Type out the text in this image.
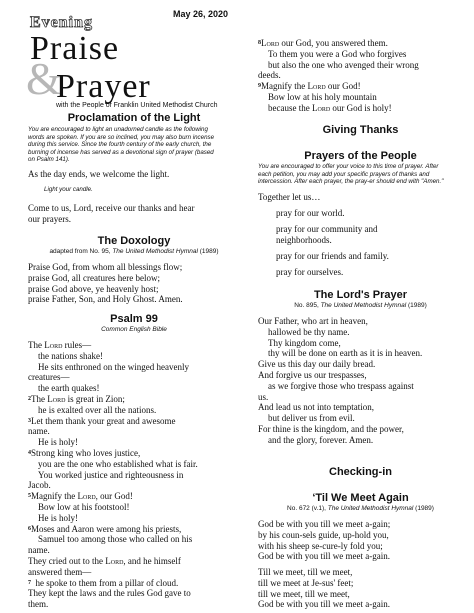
May 26, 2020
Evening
Praise
&
Prayer
with the People of Franklin United Methodist Church
Proclamation of the Light
You are encouraged to light an unadorned candle as the following
words are spoken. If you are so inclined, you may also burn incense
during this service. Since the fourth century of the early church, the
burning of incense has served as a devotional sign of prayer (based
on Psalm 141).
As the day ends, we welcome the light.
Light your candle.
Come to us, Lord, receive our thanks and hear
our prayers.
The Doxology
adapted from No. 95, The United Methodist Hymnal (1989)
Praise God, from whom all blessings flow;
praise God, all creatures here below;
praise God above, ye heavenly host;
praise Father, Son, and Holy Ghost. Amen.
Psalm 99
Common English Bible
The Lord rules—
the nations shake!
He sits enthroned on the winged heavenly
creatures—
the earth quakes!
$^2$The Lord is great in Zion;
he is exalted over all the nations.
$^3$Let them thank your great and awesome
name.
He is holy!
$^4$Strong king who loves justice,
you are the one who established what is fair.
You worked justice and righteousness in
Jacob.
$^5$Magnify the Lord, our God!
Bow low at his footstool!
He is holy!
$^6$Moses and Aaron were among his priests,
Samuel too among those who called on his
name.
They cried out to the Lord, and he himself
answered them—
$^7$ he spoke to them from a pillar of cloud.
They kept the laws and the rules God gave to
them.
$^8$Lord our God, you answered them.
To them you were a God who forgives
but also the one who avenged their wrong
deeds.
$^9$Magnify the Lord our God!
Bow low at his holy mountain
because the Lord our God is holy!
Giving Thanks
Prayers of the People
You are encouraged to offer your voice to this time of prayer. After
each petition, you may add your specific prayers of thanks and
intercession. After each prayer, the pray-er should end with "Amen."
Together let us…
pray for our world.
pray for our community and
neighborhoods.
pray for our friends and family.
pray for ourselves.
The Lord's Prayer
No. 895, The United Methodist Hymnal (1989)
Our Father, who art in heaven,
hallowed be thy name.
Thy kingdom come,
thy will be done on earth as it is in heaven.
Give us this day our daily bread.
And forgive us our trespasses,
as we forgive those who trespass against
us.
And lead us not into temptation,
but deliver us from evil.
For thine is the kingdom, and the power,
and the glory, forever. Amen.
Checking-in
‘Til We Meet Again
No. 672 (v.1), The United Methodist Hymnal (1989)
God be with you till we meet a-gain;
by his coun-sels guide, up-hold you,
with his sheep se-cure-ly fold you;
God be with you till we meet a-gain.
Till we meet, till we meet,
till we meet at Je-sus' feet;
till we meet, till we meet,
God be with you till we meet a-gain.
